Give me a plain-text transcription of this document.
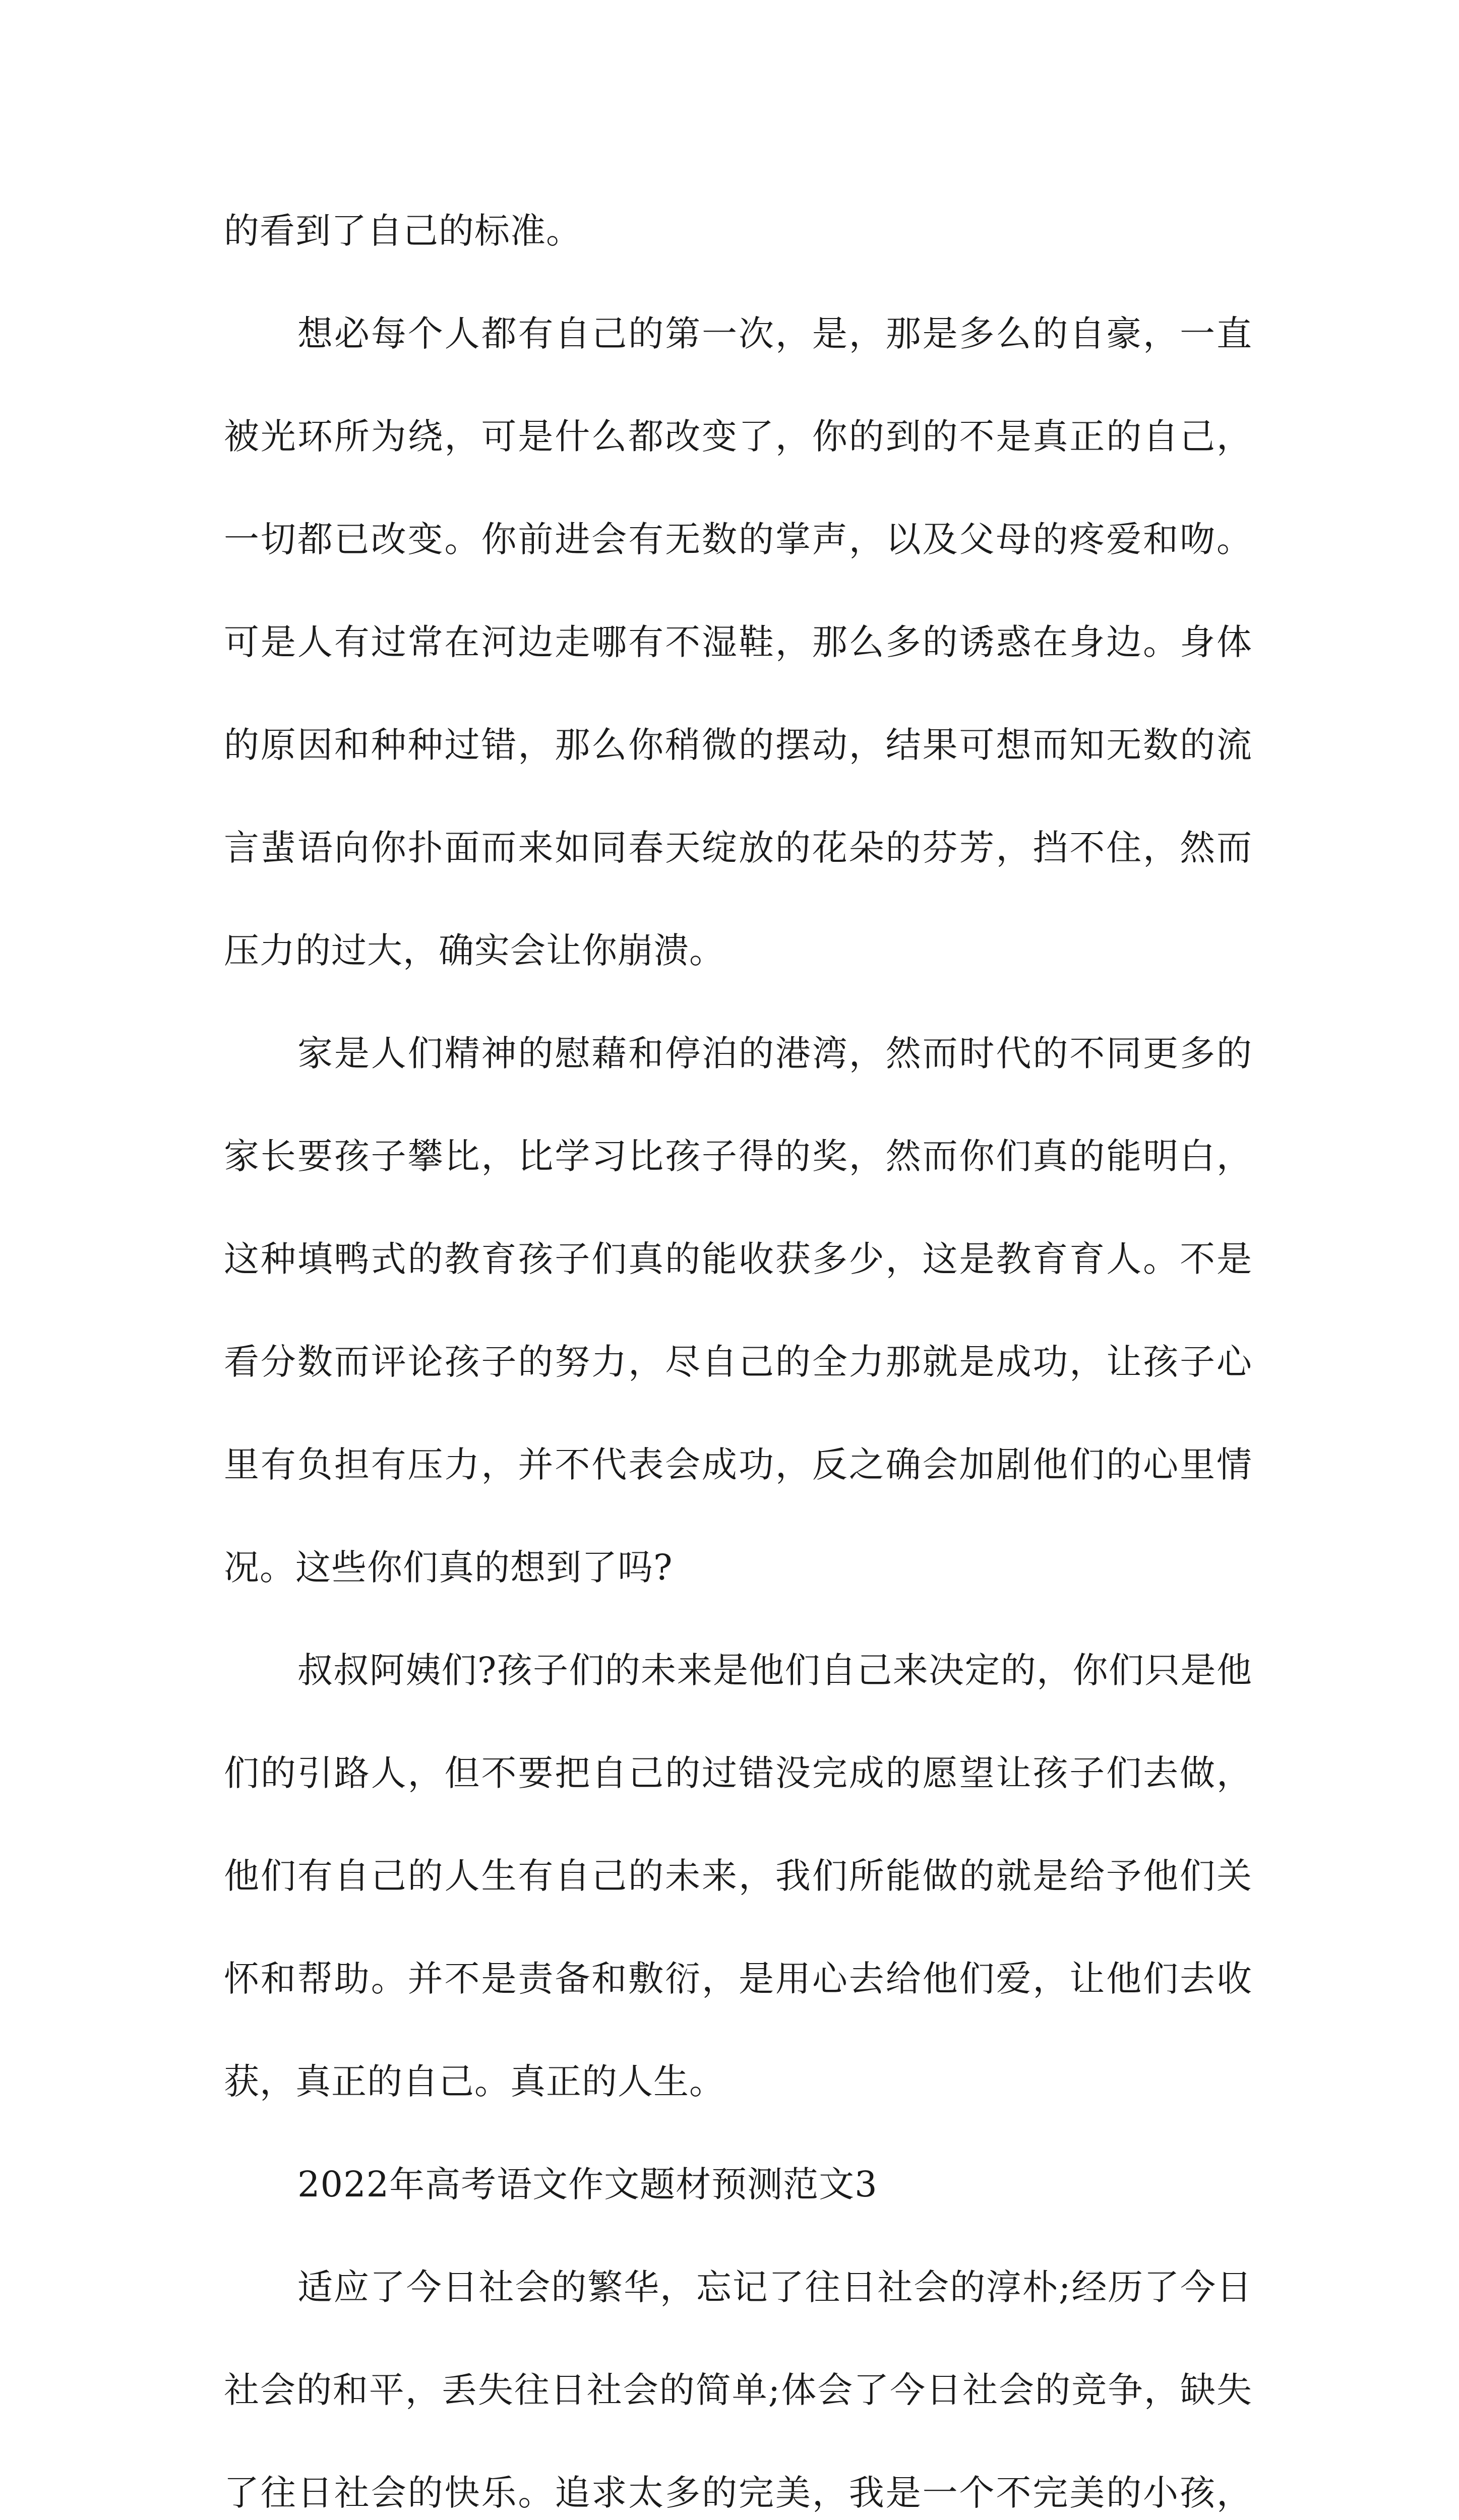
的看到了自己的标准。

想必每个人都有自己的第一次，是，那是多么的自豪，一直被光环所为绕，可是什么都改变了，你的到的不是真正的自己，一切都已改变。你前进会有无数的掌声，以及父母的疼爱和吻。可是人有过常在河边走哪有不湿鞋，那么多的诱惑在身边。身体的原因和种种过错，那么你稍微的摆动，结果可想而知无数的流言蜚语向你扑面而来如同春天绽放的花朵的芬芳，挡不住，然而压力的过大，确实会让你崩溃。

家是人们精神的慰藉和停泊的港湾，然而时代的不同更多的家长要孩子攀比，比学习比孩子得的奖，然而你们真的能明白，这种填鸭式的教育孩子们真的能收获多少，这是教育育人。不是看分数而评论孩子的努力，尽自己的全力那就是成功，让孩子心里有负担有压力，并不代表会成功，反之确会加剧他们的心里情况。这些你们真的想到了吗?

叔叔阿姨们?孩子们的未来是他们自己来决定的，你们只是他们的引路人，但不要把自己的过错没完成的愿望让孩子们去做，他们有自己的人生有自己的未来，我们所能做的就是给予他们关怀和帮助。并不是责备和敷衍，是用心去给他们爱，让他们去收获，真正的自己。真正的人生。

2022年高考语文作文题材预测范文3

适应了今日社会的繁华，忘记了往日社会的淳朴;经历了今日社会的和平，丢失往日社会的简单;体会了今日社会的竞争，缺失了往日社会的快乐。追求太多的完美，我是一个不完美的小孩，
